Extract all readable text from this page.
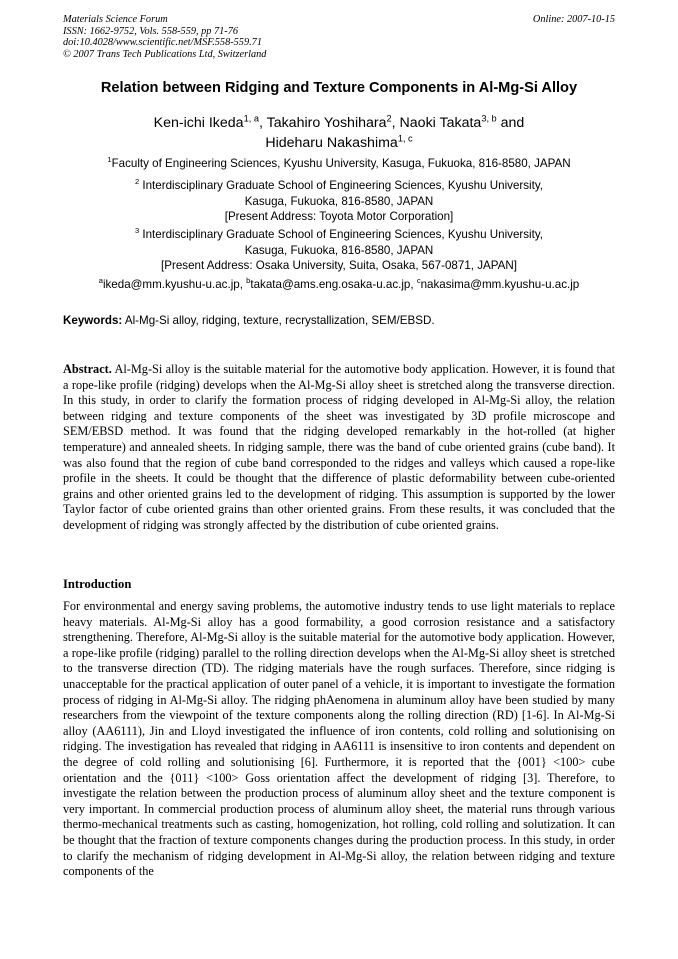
Materials Science Forum
ISSN: 1662-9752, Vols. 558-559, pp 71-76
doi:10.4028/www.scientific.net/MSF.558-559.71
© 2007 Trans Tech Publications Ltd, Switzerland
Online: 2007-10-15
Relation between Ridging and Texture Components in Al-Mg-Si Alloy
Ken-ichi Ikeda$^{1, a}$, Takahiro Yoshihara$^2$, Naoki Takata$^{3, b}$ and
Hideharu Nakashima$^{1, c}$
$^1$Faculty of Engineering Sciences, Kyushu University, Kasuga, Fukuoka, 816-8580, JAPAN
$^2$ Interdisciplinary Graduate School of Engineering Sciences, Kyushu University,
Kasuga, Fukuoka, 816-8580, JAPAN
[Present Address: Toyota Motor Corporation]
$^3$ Interdisciplinary Graduate School of Engineering Sciences, Kyushu University,
Kasuga, Fukuoka, 816-8580, JAPAN
[Present Address: Osaka University, Suita, Osaka, 567-0871, JAPAN]
$^a$ikeda@mm.kyushu-u.ac.jp, $^b$takata@ams.eng.osaka-u.ac.jp, $^c$nakasima@mm.kyushu-u.ac.jp
Keywords: Al-Mg-Si alloy, ridging, texture, recrystallization, SEM/EBSD.
Abstract. Al-Mg-Si alloy is the suitable material for the automotive body application. However, it is found that a rope-like profile (ridging) develops when the Al-Mg-Si alloy sheet is stretched along the transverse direction. In this study, in order to clarify the formation process of ridging developed in Al-Mg-Si alloy, the relation between ridging and texture components of the sheet was investigated by 3D profile microscope and SEM/EBSD method. It was found that the ridging developed remarkably in the hot-rolled (at higher temperature) and annealed sheets. In ridging sample, there was the band of cube oriented grains (cube band). It was also found that the region of cube band corresponded to the ridges and valleys which caused a rope-like profile in the sheets. It could be thought that the difference of plastic deformability between cube-oriented grains and other oriented grains led to the development of ridging. This assumption is supported by the lower Taylor factor of cube oriented grains than other oriented grains. From these results, it was concluded that the development of ridging was strongly affected by the distribution of cube oriented grains.
Introduction
For environmental and energy saving problems, the automotive industry tends to use light materials to replace heavy materials. Al-Mg-Si alloy has a good formability, a good corrosion resistance and a satisfactory strengthening. Therefore, Al-Mg-Si alloy is the suitable material for the automotive body application. However, a rope-like profile (ridging) parallel to the rolling direction develops when the Al-Mg-Si alloy sheet is stretched to the transverse direction (TD). The ridging materials have the rough surfaces. Therefore, since ridging is unacceptable for the practical application of outer panel of a vehicle, it is important to investigate the formation process of ridging in Al-Mg-Si alloy. The ridging phAenomena in aluminum alloy have been studied by many researchers from the viewpoint of the texture components along the rolling direction (RD) [1-6]. In Al-Mg-Si alloy (AA6111), Jin and Lloyd investigated the influence of iron contents, cold rolling and solutionising on ridging. The investigation has revealed that ridging in AA6111 is insensitive to iron contents and dependent on the degree of cold rolling and solutionising [6]. Furthermore, it is reported that the {001} <100> cube orientation and the {011} <100> Goss orientation affect the development of ridging [3]. Therefore, to investigate the relation between the production process of aluminum alloy sheet and the texture component is very important. In commercial production process of aluminum alloy sheet, the material runs through various thermo-mechanical treatments such as casting, homogenization, hot rolling, cold rolling and solutization. It can be thought that the fraction of texture components changes during the production process. In this study, in order to clarify the mechanism of ridging development in Al-Mg-Si alloy, the relation between ridging and texture components of the
